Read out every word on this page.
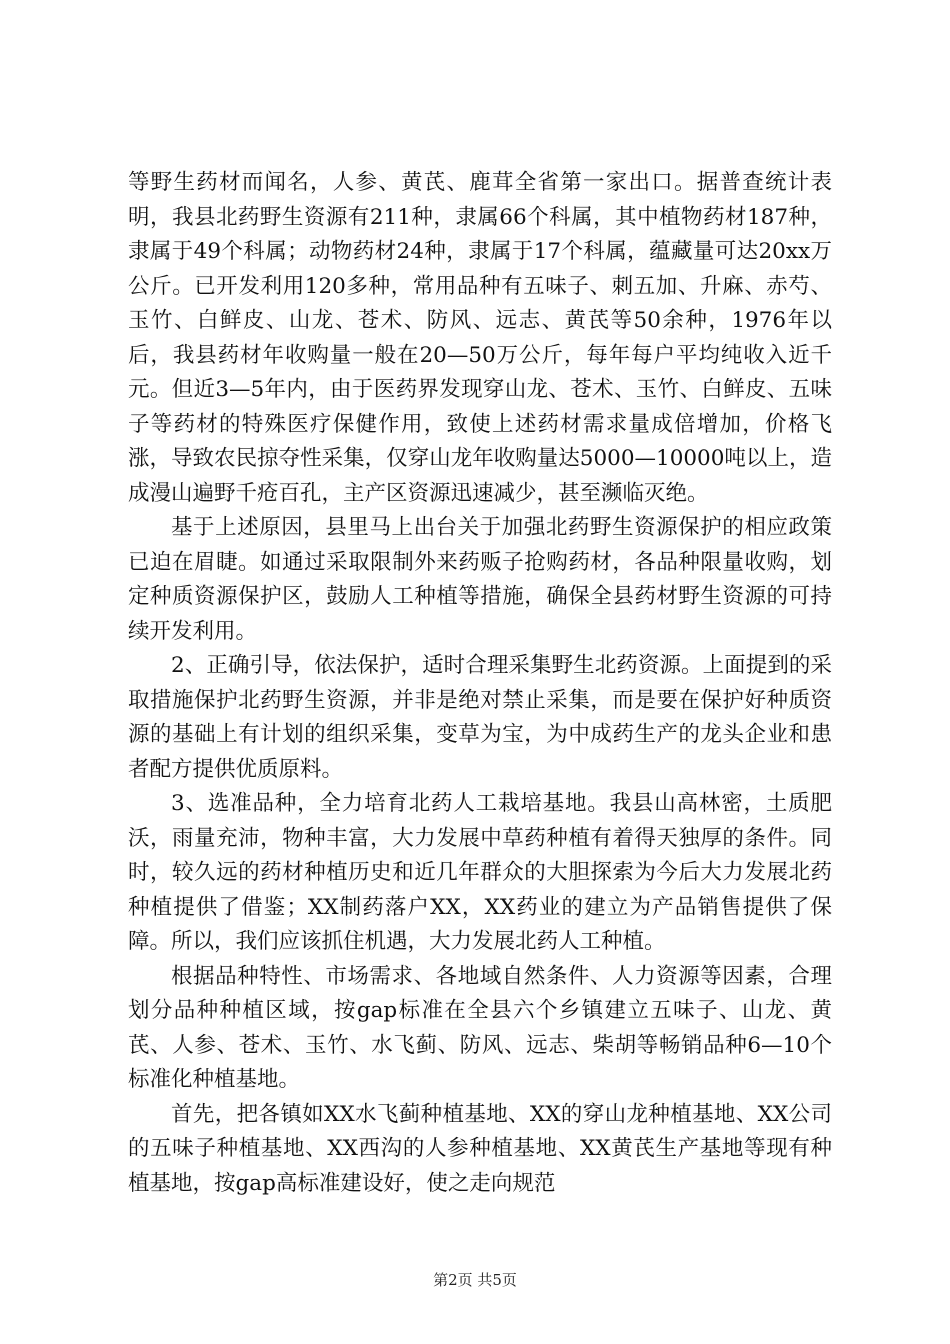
等野生药材而闻名，人参、黄芪、鹿茸全省第一家出口。据普查统计表明，我县北药野生资源有211种，隶属66个科属，其中植物药材187种，隶属于49个科属；动物药材24种，隶属于17个科属，蕴藏量可达20xx万公斤。已开发利用120多种，常用品种有五味子、刺五加、升麻、赤芍、玉竹、白鲜皮、山龙、苍术、防风、远志、黄芪等50余种，1976年以后，我县药材年收购量一般在20—50万公斤，每年每户平均纯收入近千元。但近3—5年内，由于医药界发现穿山龙、苍术、玉竹、白鲜皮、五味子等药材的特殊医疗保健作用，致使上述药材需求量成倍增加，价格飞涨，导致农民掠夺性采集，仅穿山龙年收购量达5000—10000吨以上，造成漫山遍野千疮百孔，主产区资源迅速减少，甚至濒临灭绝。

基于上述原因，县里马上出台关于加强北药野生资源保护的相应政策已迫在眉睫。如通过采取限制外来药贩子抢购药材，各品种限量收购，划定种质资源保护区，鼓励人工种植等措施，确保全县药材野生资源的可持续开发利用。

2、正确引导，依法保护，适时合理采集野生北药资源。上面提到的采取措施保护北药野生资源，并非是绝对禁止采集，而是要在保护好种质资源的基础上有计划的组织采集，变草为宝，为中成药生产的龙头企业和患者配方提供优质原料。

3、选准品种，全力培育北药人工栽培基地。我县山高林密，土质肥沃，雨量充沛，物种丰富，大力发展中草药种植有着得天独厚的条件。同时，较久远的药材种植历史和近几年群众的大胆探索为今后大力发展北药种植提供了借鉴；XX制药落户XX，XX药业的建立为产品销售提供了保障。所以，我们应该抓住机遇，大力发展北药人工种植。

根据品种特性、市场需求、各地域自然条件、人力资源等因素，合理划分品种种植区域，按gap标准在全县六个乡镇建立五味子、山龙、黄芪、人参、苍术、玉竹、水飞蓟、防风、远志、柴胡等畅销品种6—10个标准化种植基地。

首先，把各镇如XX水飞蓟种植基地、XX的穿山龙种植基地、XX公司的五味子种植基地、XX西沟的人参种植基地、XX黄芪生产基地等现有种植基地，按gap高标准建设好，使之走向规范

第2页 共5页
